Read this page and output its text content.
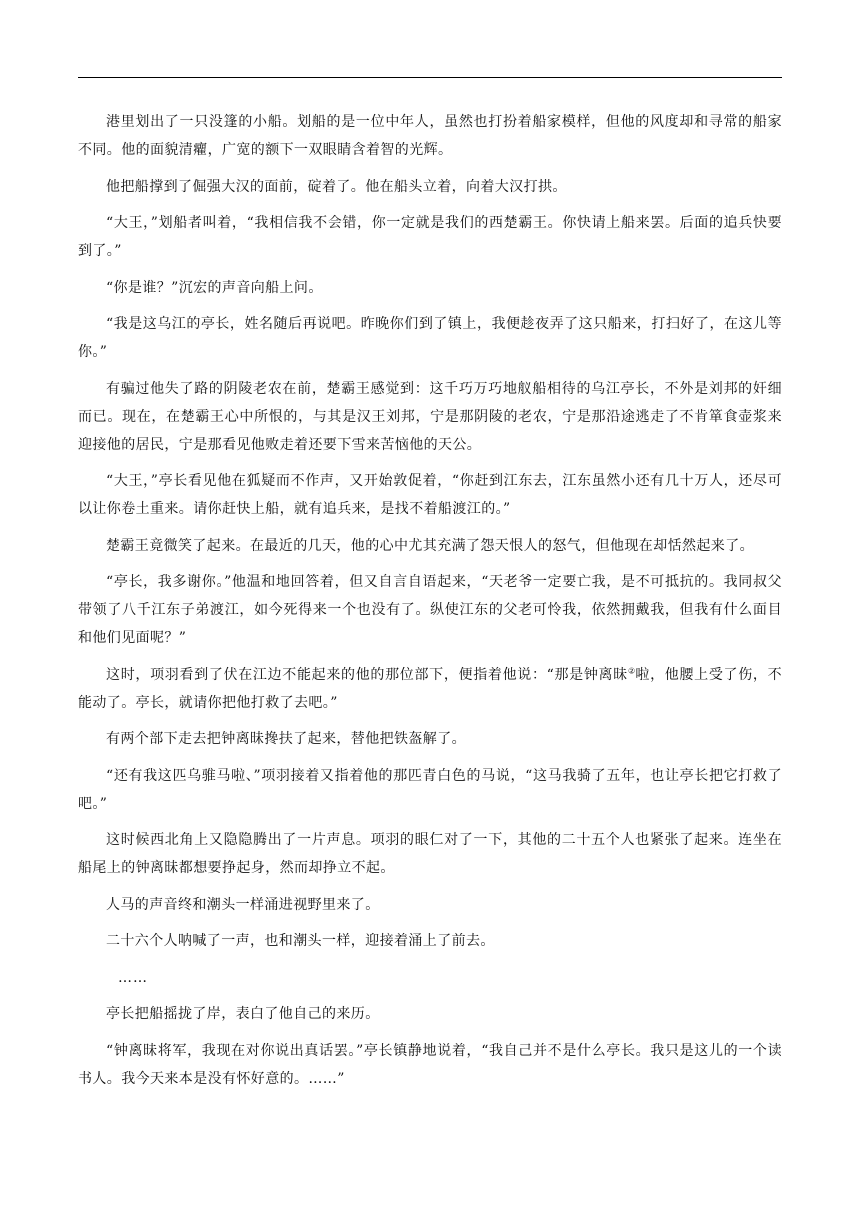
港里划出了一只没篷的小船。划船的是一位中年人，虽然也打扮着船家模样，但他的风度却和寻常的船家不同。他的面貌清癯，广宽的额下一双眼睛含着智的光辉。

他把船撑到了倔强大汉的面前，碇着了。他在船头立着，向着大汉打拱。

“大王，”划船者叫着，“我相信我不会错，你一定就是我们的西楚霸王。你快请上船来罢。后面的追兵快要到了。”

“你是谁？”沉宏的声音向船上问。

“我是这乌江的亭长，姓名随后再说吧。昨晚你们到了镇上，我便趁夜弄了这只船来，打扫好了，在这儿等你。”

有骗过他失了路的阴陵老农在前，楚霸王感觉到：这千巧万巧地舣船相待的乌江亭长，不外是刘邦的奸细而已。现在，在楚霸王心中所恨的，与其是汉王刘邦，宁是那阴陵的老农，宁是那沿途逃走了不肯箪食壶浆来迎接他的居民，宁是那看见他败走着还要下雪来苦恼他的天公。

“大王，”亭长看见他在狐疑而不作声，又开始敦促着，“你赶到江东去，江东虽然小还有几十万人，还尽可以让你卷土重来。请你赶快上船，就有追兵来，是找不着船渡江的。”

楚霸王竟微笑了起来。在最近的几天，他的心中尤其充满了怨天恨人的怒气，但他现在却恬然起来了。

“亭长，我多谢你。”他温和地回答着，但又自言自语起来，“天老爷一定要亡我，是不可抵抗的。我同叔父带领了八千江东子弟渡江，如今死得来一个也没有了。纵使江东的父老可怜我，依然拥戴我，但我有什么面目和他们见面呢？”

这时，项羽看到了伏在江边不能起来的他的那位部下，便指着他说：“那是钟离昧②啦，他腰上受了伤，不能动了。亭长，就请你把他打救了去吧。”

有两个部下走去把钟离昧搀扶了起来，替他把铁盔解了。

“还有我这匹乌骓马啦、”项羽接着又指着他的那匹青白色的马说，“这马我骑了五年，也让亭长把它打救了吧。”

这时候西北角上又隐隐腾出了一片声息。项羽的眼仁对了一下，其他的二十五个人也紧张了起来。连坐在船尾上的钟离昧都想要挣起身，然而却挣立不起。

人马的声音终和潮头一样涌进视野里来了。

二十六个人呐喊了一声，也和潮头一样，迎接着涌上了前去。

……

亭长把船摇拢了岸，表白了他自己的来历。

“钟离昧将军，我现在对你说出真话罢。”亭长镇静地说着，“我自己并不是什么亭长。我只是这儿的一个读书人。我今天来本是没有怀好意的。……”
